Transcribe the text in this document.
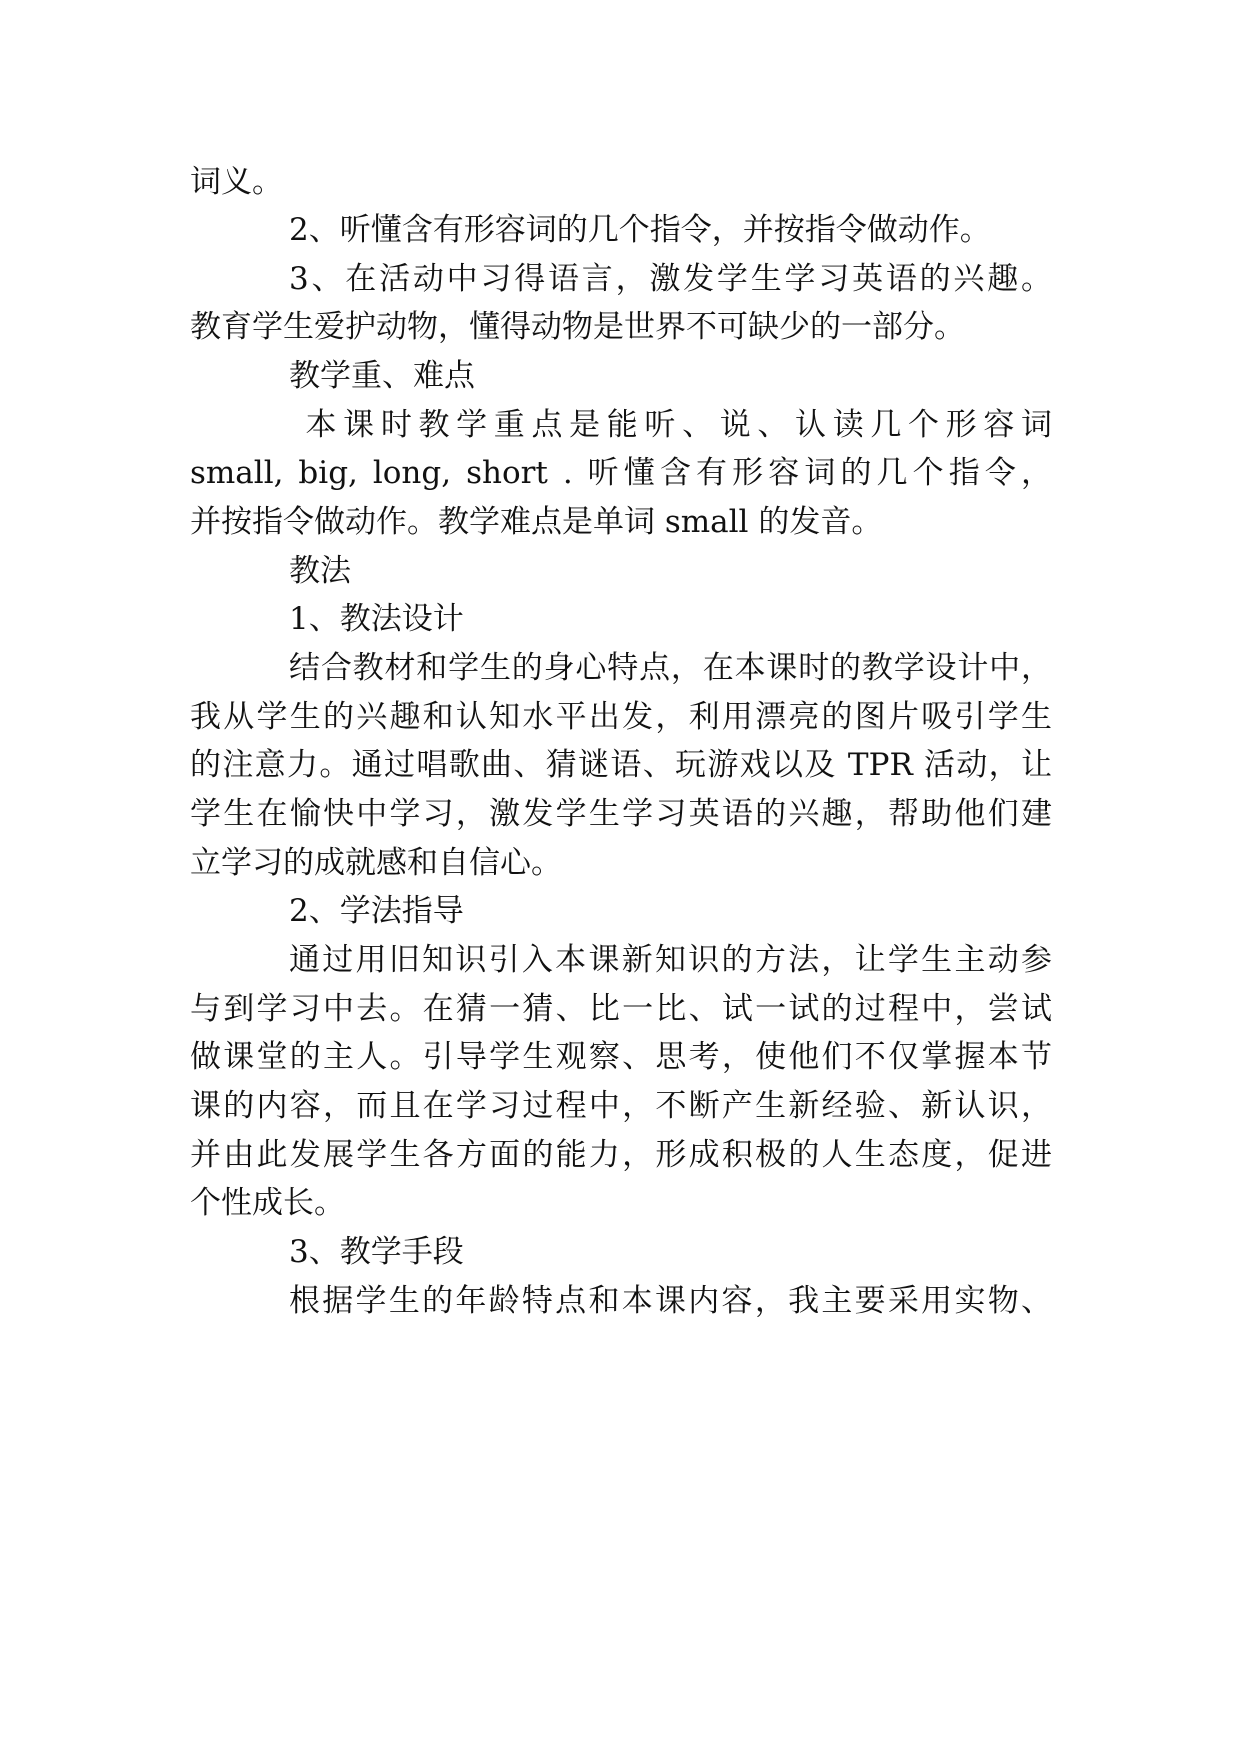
词义。
2、听懂含有形容词的几个指令，并按指令做动作。
3、在活动中习得语言，激发学生学习英语的兴趣。
教育学生爱护动物，懂得动物是世界不可缺少的一部分。
教学重、难点
本课时教学重点是能听、说、认读几个形容词
small, big, long, short . 听懂含有形容词的几个指令，
并按指令做动作。教学难点是单词 small 的发音。
教法
1、教法设计
结合教材和学生的身心特点，在本课时的教学设计中，
我从学生的兴趣和认知水平出发，利用漂亮的图片吸引学生
的注意力。通过唱歌曲、猜谜语、玩游戏以及 TPR 活动，让
学生在愉快中学习，激发学生学习英语的兴趣，帮助他们建
立学习的成就感和自信心。
2、学法指导
通过用旧知识引入本课新知识的方法，让学生主动参
与到学习中去。在猜一猜、比一比、试一试的过程中，尝试
做课堂的主人。引导学生观察、思考，使他们不仅掌握本节
课的内容，而且在学习过程中，不断产生新经验、新认识，
并由此发展学生各方面的能力，形成积极的人生态度，促进
个性成长。
3、教学手段
根据学生的年龄特点和本课内容，我主要采用实物、
